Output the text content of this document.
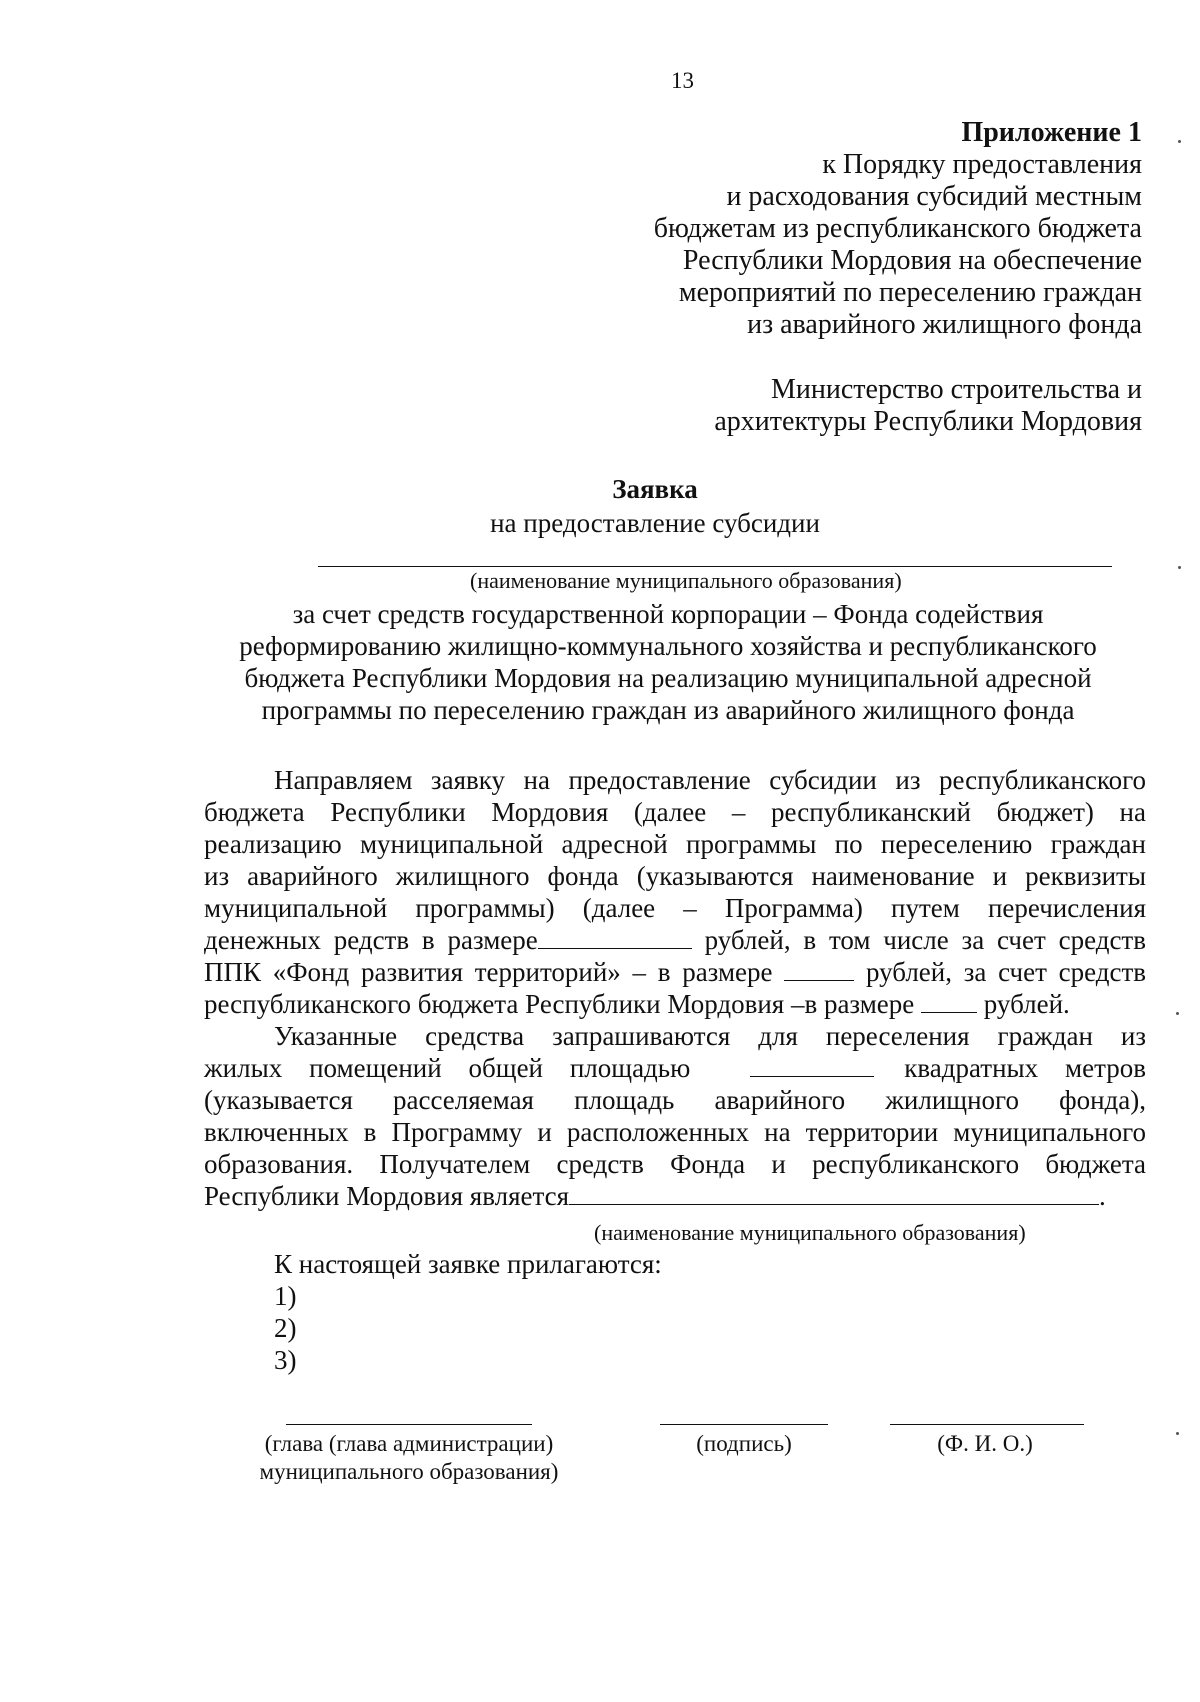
13
Приложение 1
к Порядку предоставления
и расходования субсидий местным
бюджетам из республиканского бюджета
Республики Мордовия на обеспечение
мероприятий по переселению граждан
из аварийного жилищного фонда
Министерство строительства и
архитектуры Республики Мордовия
Заявка
на предоставление субсидии
(наименование муниципального образования)
за счет средств государственной корпорации – Фонда содействия
реформированию жилищно-коммунального хозяйства и республиканского
бюджета Республики Мордовия на реализацию муниципальной адресной
программы по переселению граждан из аварийного жилищного фонда
Направляем заявку на предоставление субсидии из республиканского
бюджета Республики Мордовия (далее – республиканский бюджет) на
реализацию муниципальной адресной программы по переселению граждан
из аварийного жилищного фонда (указываются наименование и реквизиты
муниципальной программы) (далее – Программа) путем перечисления
денежных редств в размере	рублей, в том числе за счет средств
ППК «Фонд развития территорий» – в размере	рублей, за счет средств
республиканского бюджета Республики Мордовия –в размере  рублей.
Указанные средства запрашиваются для переселения граждан из
жилых помещений общей площадью	квадратных метров
(указывается расселяемая площадь аварийного жилищного фонда),
включенных в Программу и расположенных на территории муниципального
образования. Получателем средств Фонда и республиканского бюджета
Республики Мордовия является	.
(наименование муниципального образования)
К настоящей заявке прилагаются:
1)
2)
3)
(глава (глава администрации)
муниципального образования)
(подпись)	(Ф. И. О.)
